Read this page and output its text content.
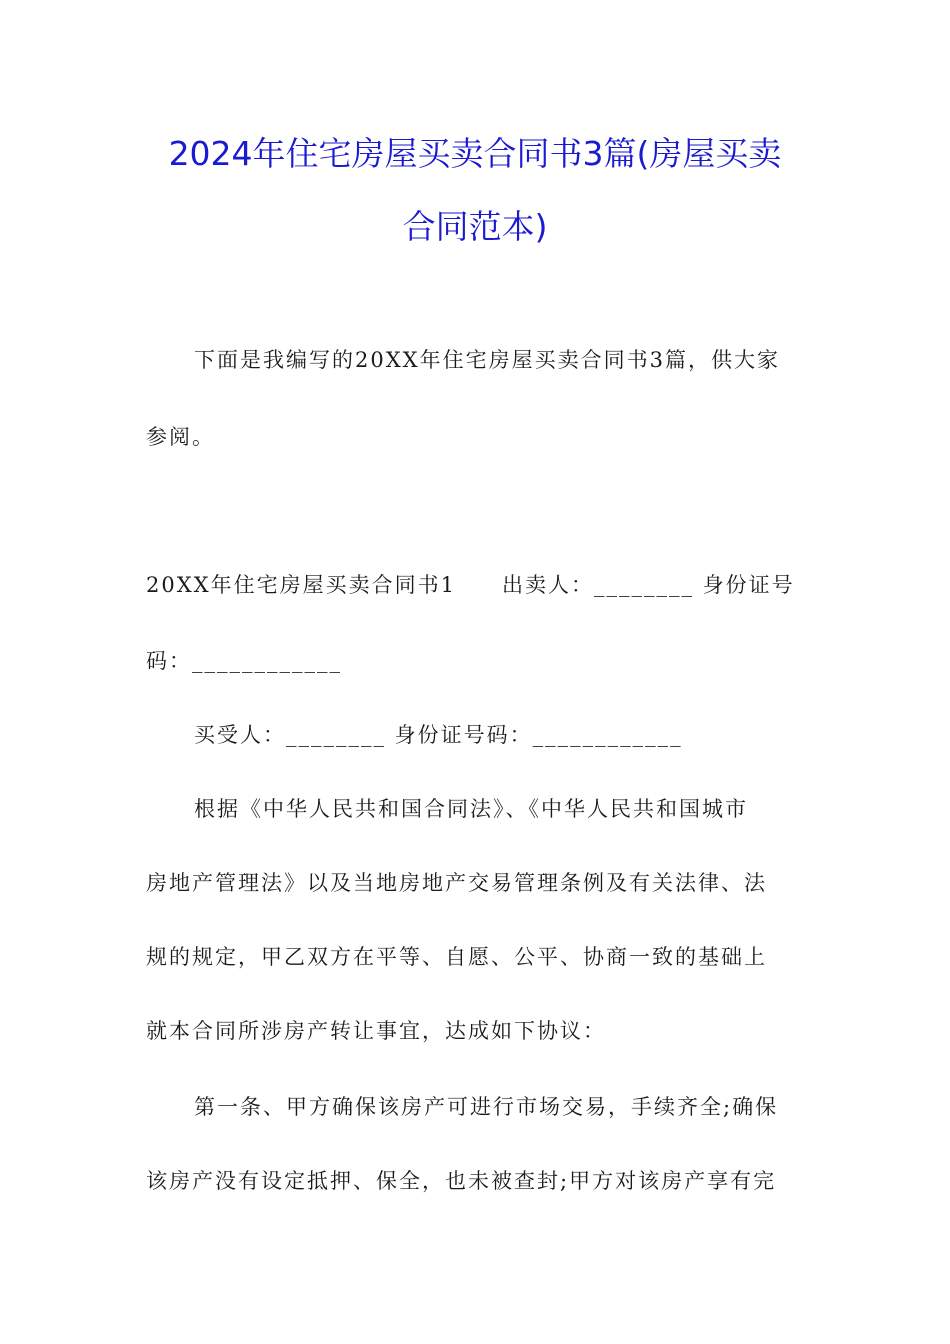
2024年住宅房屋买卖合同书3篇(房屋买卖
合同范本)
下面是我编写的20XX年住宅房屋买卖合同书3篇，供大家
参阅。
20XX年住宅房屋买卖合同书1　　出卖人：________ 身份证号
码：____________
买受人：________ 身份证号码：____________
根据《中华人民共和国合同法》、《中华人民共和国城市
房地产管理法》以及当地房地产交易管理条例及有关法律、法
规的规定，甲乙双方在平等、自愿、公平、协商一致的基础上
就本合同所涉房产转让事宜，达成如下协议：
第一条、甲方确保该房产可进行市场交易，手续齐全;确保
该房产没有设定抵押、保全，也未被查封;甲方对该房产享有完
